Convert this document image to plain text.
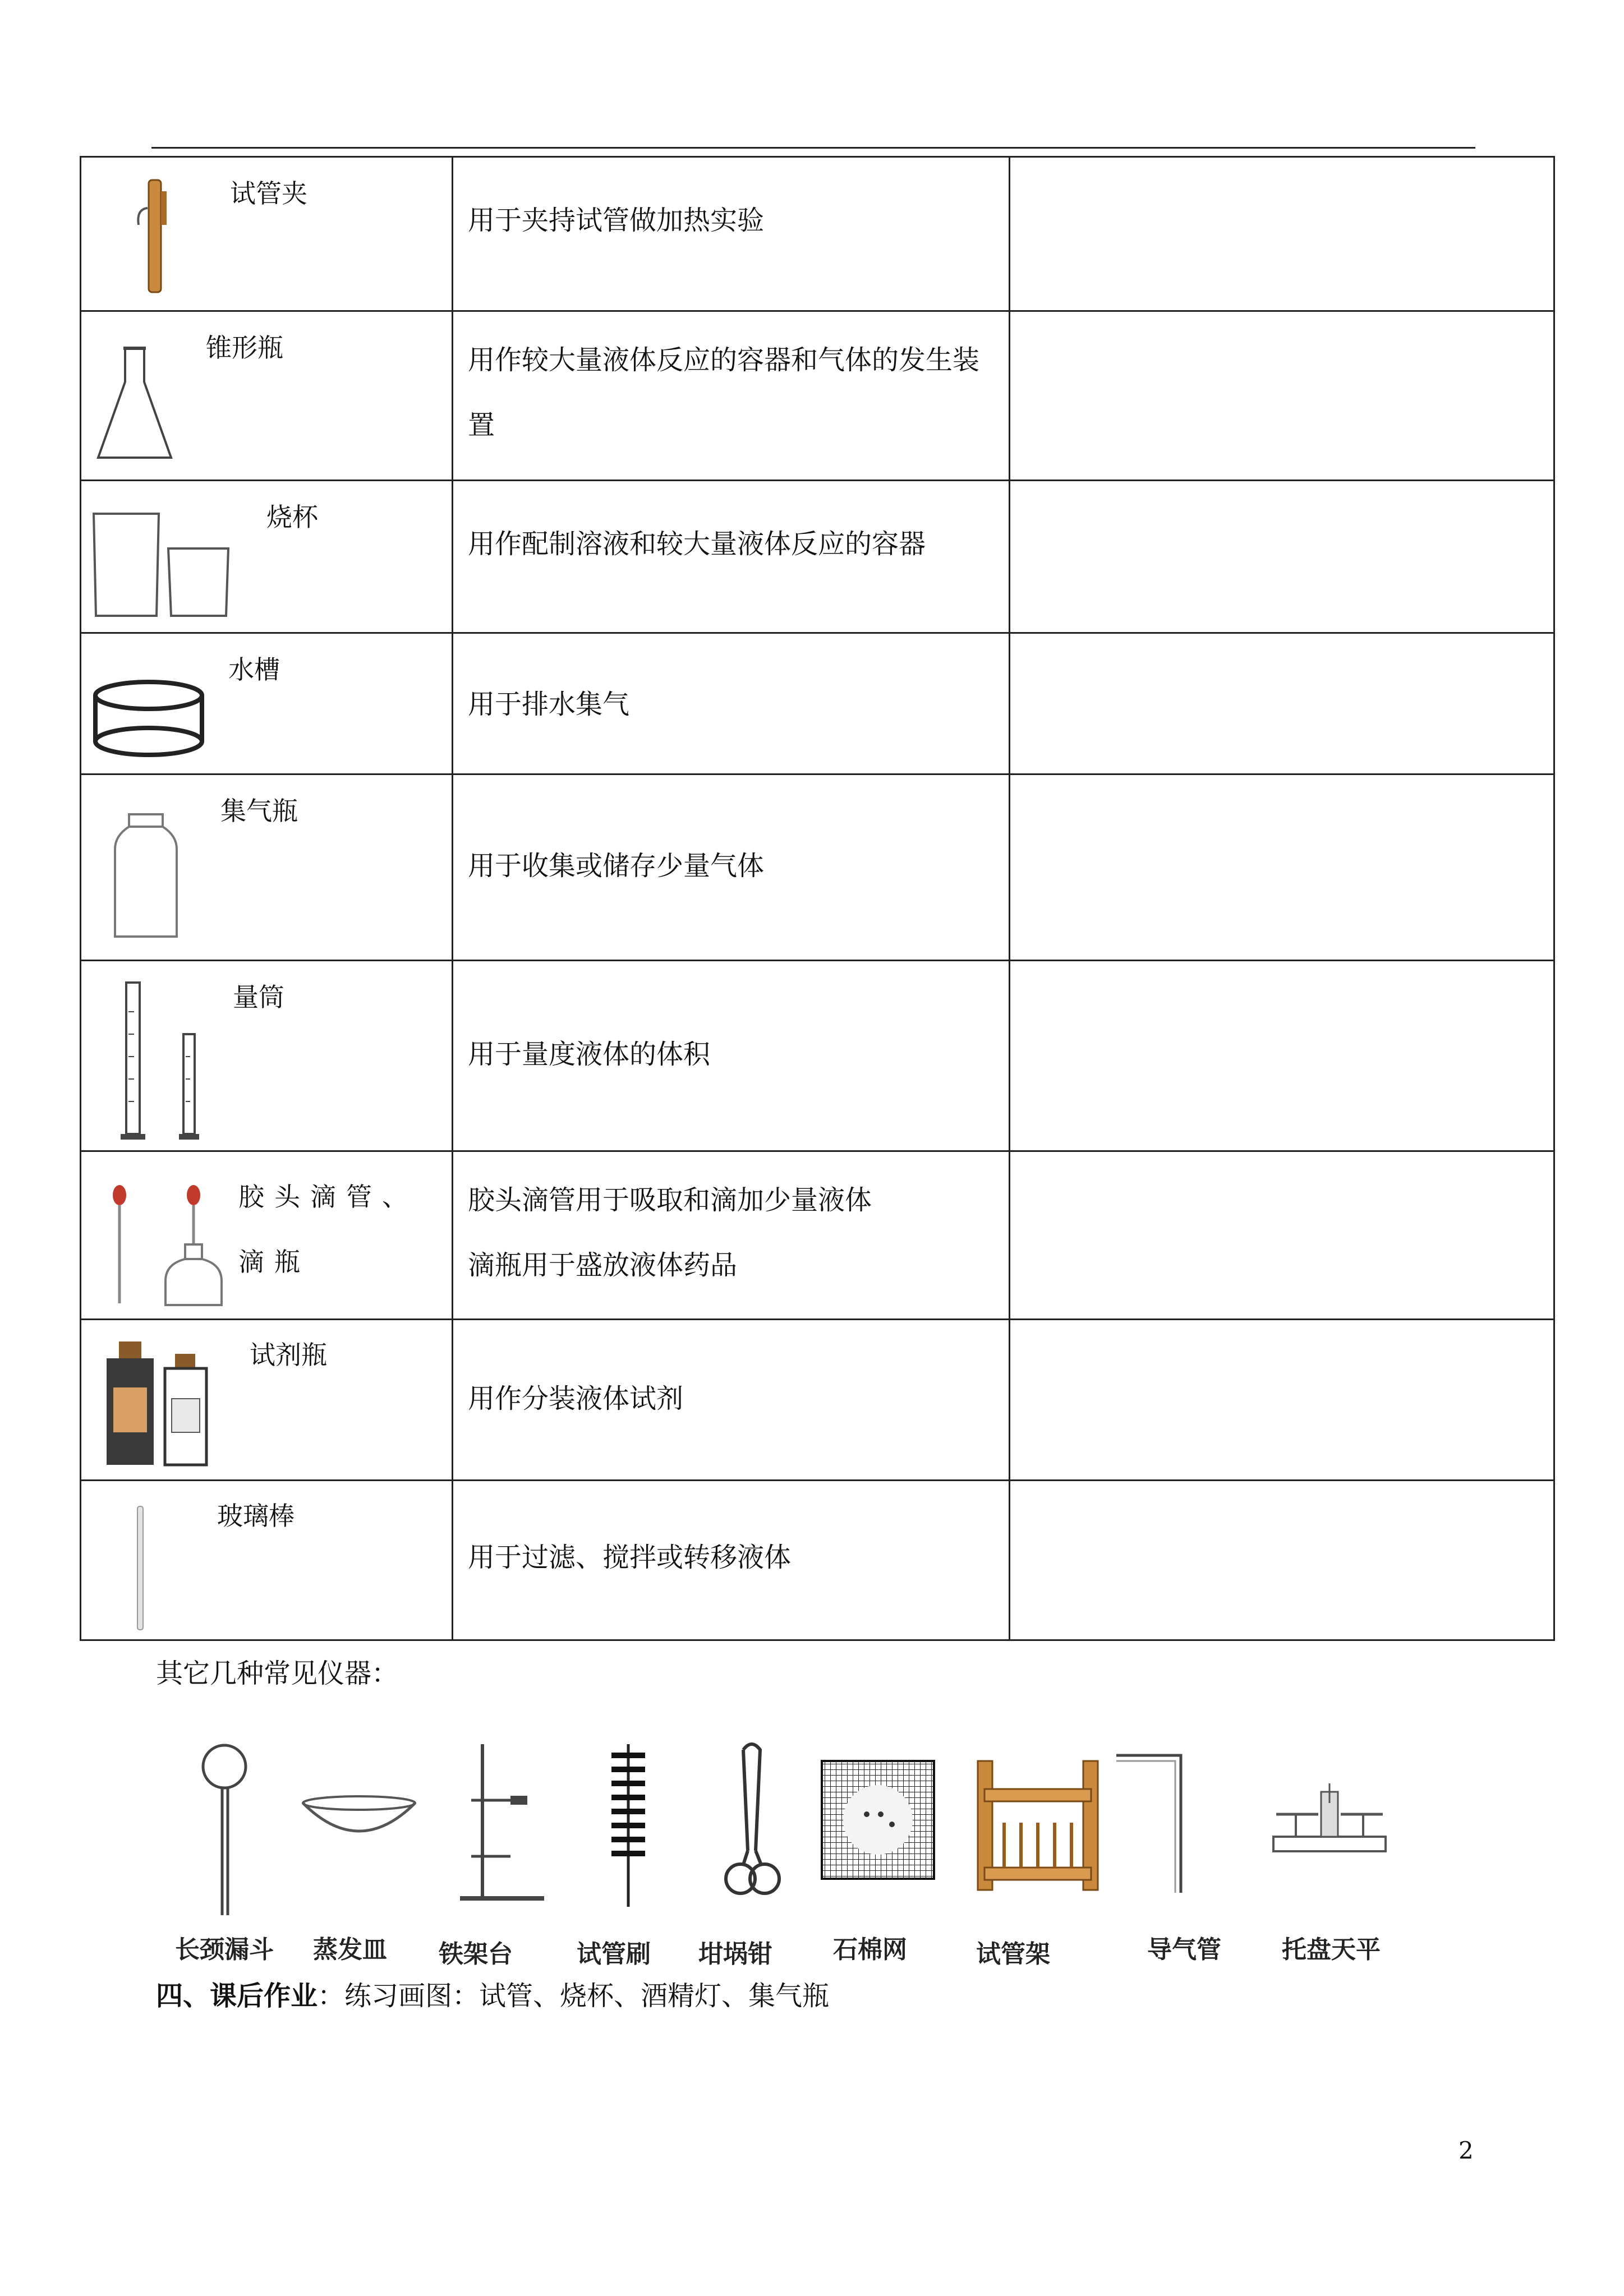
试管夹	用于夹持试管做加热实验	

锥形瓶	用作较大量液体反应的容器和气体的发生装置	

烧杯	用作配制溶液和较大量液体反应的容器	

水槽	用于排水集气	

集气瓶	用于收集或储存少量气体	

量筒	用于量度液体的体积	

胶头滴管、滴瓶	胶头滴管用于吸取和滴加少量液体
滴瓶用于盛放液体药品	

试剂瓶	用作分装液体试剂	

玻璃棒	用于过滤、搅拌或转移液体	

其它几种常见仪器：
长颈漏斗 蒸发皿 铁架台	试管刷 坩埚钳 石棉网	试管架	导气管 托盘天平
四、课后作业：练习画图：试管、烧杯、酒精灯、集气瓶
2
